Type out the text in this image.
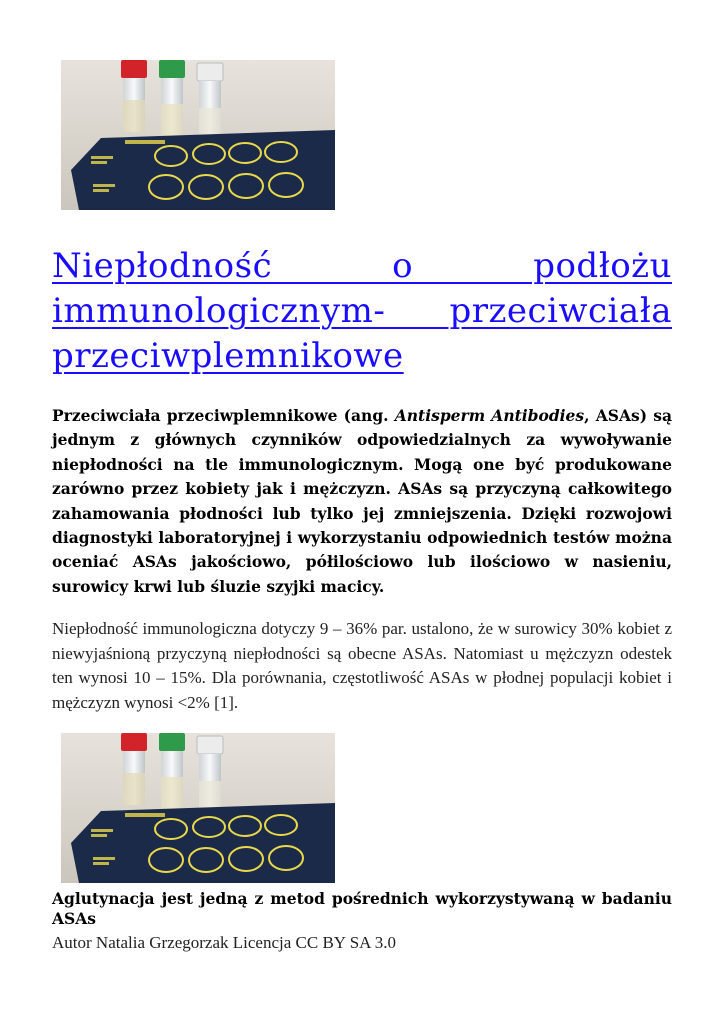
Niepłodność o podłożu immunologicznym- przeciwciała przeciwplemnikowe

Przeciwciała przeciwplemnikowe (ang. Antisperm Antibodies, ASAs) są jednym z głównych czynników odpowiedzialnych za wywoływanie niepłodności na tle immunologicznym. Mogą one być produkowane zarówno przez kobiety jak i mężczyzn. ASAs są przyczyną całkowitego zahamowania płodności lub tylko jej zmniejszenia. Dzięki rozwojowi diagnostyki laboratoryjnej i wykorzystaniu odpowiednich testów można oceniać ASAs jakościowo, półilościowo lub ilościowo w nasieniu, surowicy krwi lub śluzie szyjki macicy.

Niepłodność immunologiczna dotyczy 9 – 36% par. ustalono, że w surowicy 30% kobiet z niewyjaśnioną przyczyną niepłodności są obecne ASAs. Natomiast u mężczyzn odestek ten wynosi 10 – 15%. Dla porównania, częstotliwość ASAs w płodnej populacji kobiet i mężczyzn wynosi <2% [1].

Aglutynacja jest jedną z metod pośrednich wykorzystywaną w badaniu ASAs

Autor Natalia Grzegorzak Licencja CC BY SA 3.0
